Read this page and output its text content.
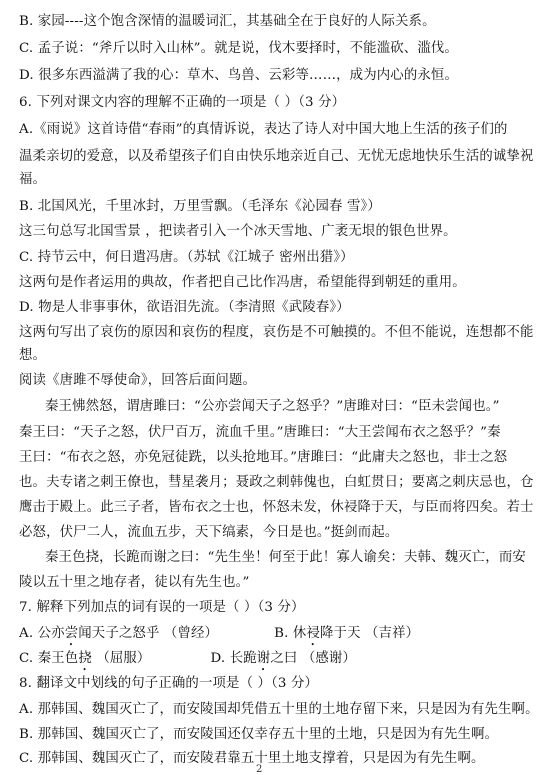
B. 家园----这个饱含深情的温暖词汇，其基础全在于良好的人际关系。
C. 孟子说：“斧斤以时入山林”。就是说，伐木要择时，不能滥砍、滥伐。
D. 很多东西溢满了我的心：草木、鸟兽、云彩等……，成为内心的永恒。
6. 下列对课文内容的理解不正确的一项是（ ）（3 分）
A.《雨说》这首诗借“春雨”的真情诉说，表达了诗人对中国大地上生活的孩子们的
温柔亲切的爱意，以及希望孩子们自由快乐地亲近自己、无忧无虑地快乐生活的诚挚祝
福。
B. 北国风光，千里冰封，万里雪飘。（毛泽东《沁园春 雪》）
这三句总写北国雪景 ，把读者引入一个冰天雪地、广袤无垠的银色世界。
C. 持节云中，何日遣冯唐。（苏轼《江城子 密州出猎》）
这两句是作者运用的典故，作者把自己比作冯唐，希望能得到朝廷的重用。
D. 物是人非事事休，欲语泪先流。（李清照《武陵春》）
这两句写出了哀伤的原因和哀伤的程度，哀伤是不可触摸的。不但不能说，连想都不能
想。
阅读《唐雎不辱使命》，回答后面问题。
秦王怫然怒，谓唐雎曰：“公亦尝闻天子之怒乎？”唐雎对曰：“臣未尝闻也。”
秦王曰：“天子之怒，伏尸百万，流血千里。”唐雎曰：“大王尝闻布衣之怒乎？”秦
王曰：“布衣之怒，亦免冠徒跣，以头抢地耳。”唐雎曰：“此庸夫之怒也，非士之怒
也。夫专诸之刺王僚也，彗星袭月；聂政之刺韩傀也，白虹贯日；要离之刺庆忌也，仓
鹰击于殿上。此三子者，皆布衣之士也，怀怒未发，休祲降于天，与臣而将四矣。若士
必怒，伏尸二人，流血五步，天下缟素，今日是也。”挺剑而起。
秦王色挠，长跪而谢之曰：“先生坐！何至于此！寡人谕矣：夫韩、魏灭亡，而安
陵以五十里之地存者，徒以有先生也。”
7. 解释下列加点的词有误的一项是（ ）（3 分）
A. 公亦尝闻天子之怒乎 （曾经）	B. 休祲降于天 （吉祥）
C. 秦王色挠 （屈服）	D. 长跪谢之曰 （感谢）
8. 翻译文中划线的句子正确的一项是（ ）（3 分）
A. 那韩国、魏国灭亡了，而安陵国却凭借五十里的土地存留下来，只是因为有先生啊。
B. 那韩国、魏国灭亡了，而安陵国还仅幸存五十里的土地，只是因为有先生啊。
C. 那韩国、魏国灭亡了，而安陵君靠五十里土地支撑着，只是因为有先生啊。
2
